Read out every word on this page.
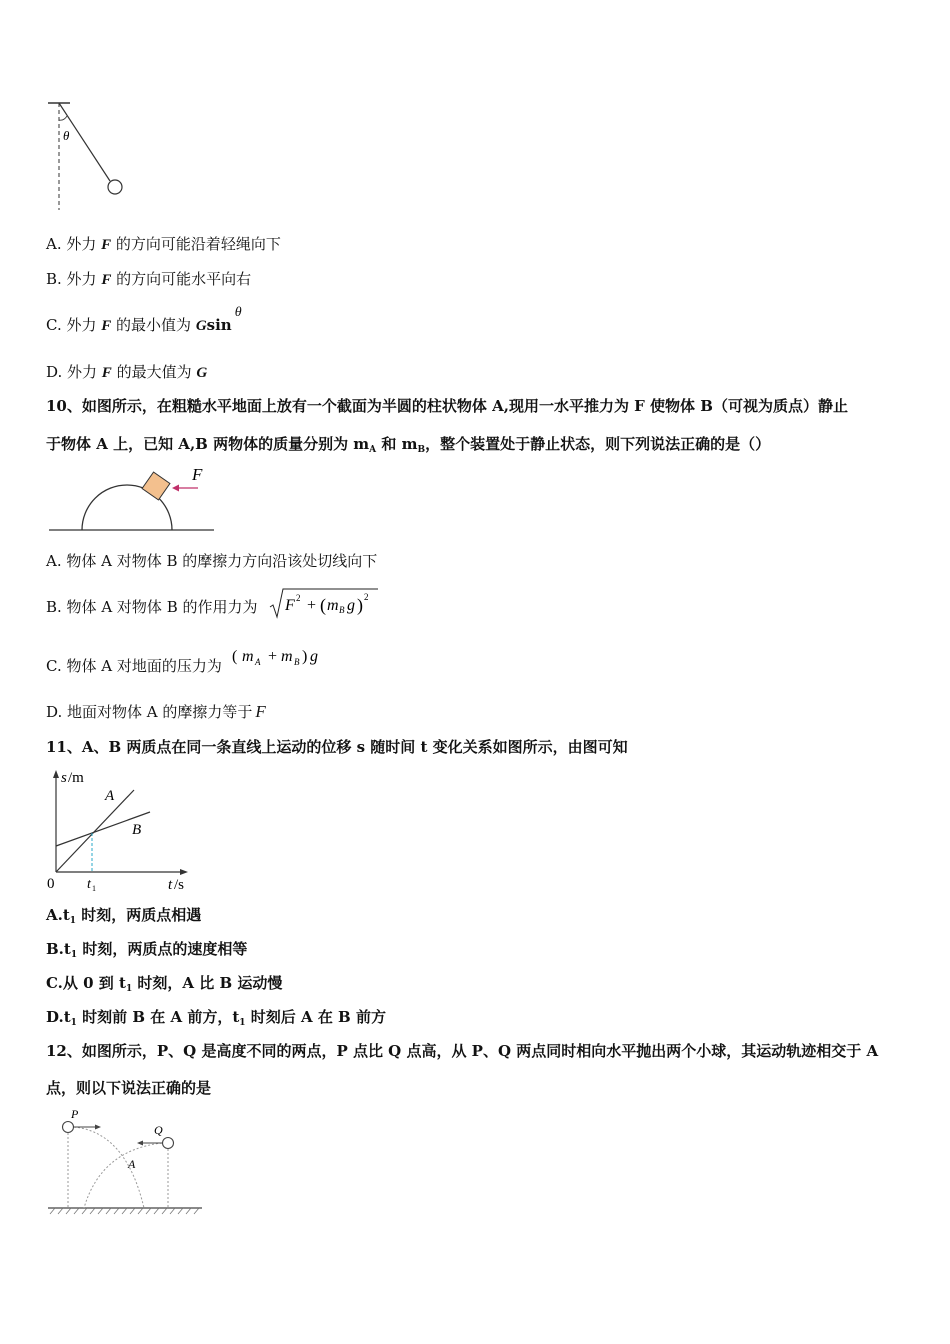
θ
A. 外力 F 的方向可能沿着轻绳向下
B. 外力 F 的方向可能水平向右
C. 外力 F 的最小值为 Gsinθ
D. 外力 F 的最大值为 G
10、如图所示，在粗糙水平地面上放有一个截面为半圆的柱状物体 A,现用一水平推力为 F 使物体 B（可视为质点）静止
于物体 A 上，已知 A,B 两物体的质量分别为 $m_A$ 和 $m_B$，整个装置处于静止状态，则下列说法正确的是（）
F
A. 物体 A 对物体 B 的摩擦力方向沿该处切线向下
B. 物体 A 对物体 B 的作用力为 F 2 + ( m B g ) 2
C. 物体 A 对地面的压力为
( m A + m B ) g
D. 地面对物体 A 的摩擦力等于 F
11、A、B 两质点在同一条直线上运动的位移 s 随时间 t 变化关系如图所示，由图可知
s /m
t /s
0
A
B
t 1
$A.t_1$ 时刻，两质点相遇
$B.t_1$ 时刻，两质点的速度相等
C.从 0 到 $t_1$ 时刻，A 比 B 运动慢
$D.t_1$ 时刻前 B 在 A 前方，$t_1$ 时刻后 A 在 B 前方
12、如图所示，P、Q 是高度不同的两点，P 点比 Q 点高，从 P、Q 两点同时相向水平抛出两个小球，其运动轨迹相交于 A
点，则以下说法正确的是
P
Q
A
